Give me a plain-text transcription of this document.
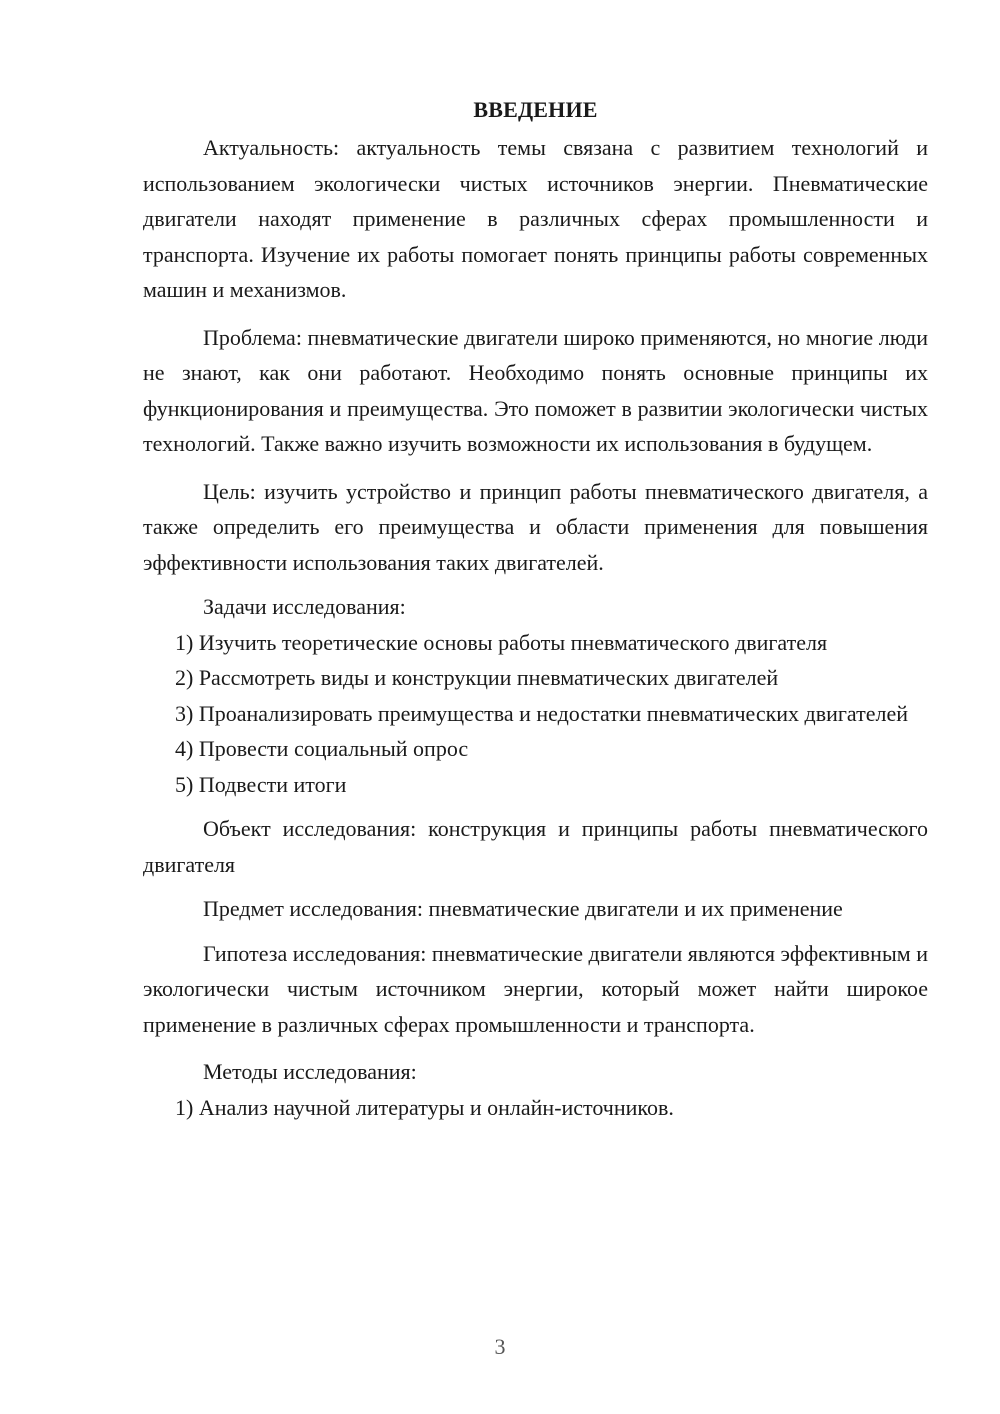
ВВЕДЕНИЕ

Актуальность: актуальность темы связана с развитием технологий и использованием экологически чистых источников энергии. Пневматические двигатели находят применение в различных сферах промышленности и транспорта. Изучение их работы помогает понять принципы работы современных машин и механизмов.

Проблема: пневматические двигатели широко применяются, но многие люди не знают, как они работают. Необходимо понять основные принципы их функционирования и преимущества. Это поможет в развитии экологически чистых технологий. Также важно изучить возможности их использования в будущем.

Цель: изучить устройство и принцип работы пневматического двигателя, а также определить его преимущества и области применения для повышения эффективности использования таких двигателей.

Задачи исследования:

1) Изучить теоретические основы работы пневматического двигателя

2) Рассмотреть виды и конструкции пневматических двигателей

3) Проанализировать преимущества и недостатки пневматических двигателей

4) Провести социальный опрос

5) Подвести итоги

Объект исследования: конструкция и принципы работы пневматического двигателя

Предмет исследования: пневматические двигатели и их применение

Гипотеза исследования: пневматические двигатели являются эффективным и экологически чистым источником энергии, который может найти широкое применение в различных сферах промышленности и транспорта.

Методы исследования:

1) Анализ научной литературы и онлайн-источников.

3
